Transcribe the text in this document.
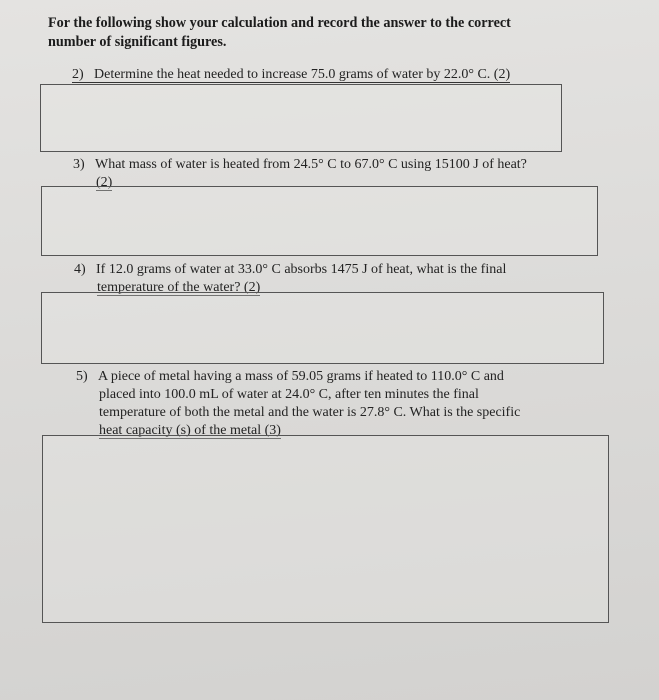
For the following show your calculation and record the answer to the correct
number of significant figures.
2) Determine the heat needed to increase 75.0 grams of water by 22.0° C. (2)
3) What mass of water is heated from 24.5° C to 67.0° C using 15100 J of heat?
(2)
4) If 12.0 grams of water at 33.0° C absorbs 1475 J of heat, what is the final
temperature of the water? (2)
5) A piece of metal having a mass of 59.05 grams if heated to 110.0° C and
placed into 100.0 mL of water at 24.0° C, after ten minutes the final
temperature of both the metal and the water is 27.8° C. What is the specific
heat capacity (s) of the metal (3)
